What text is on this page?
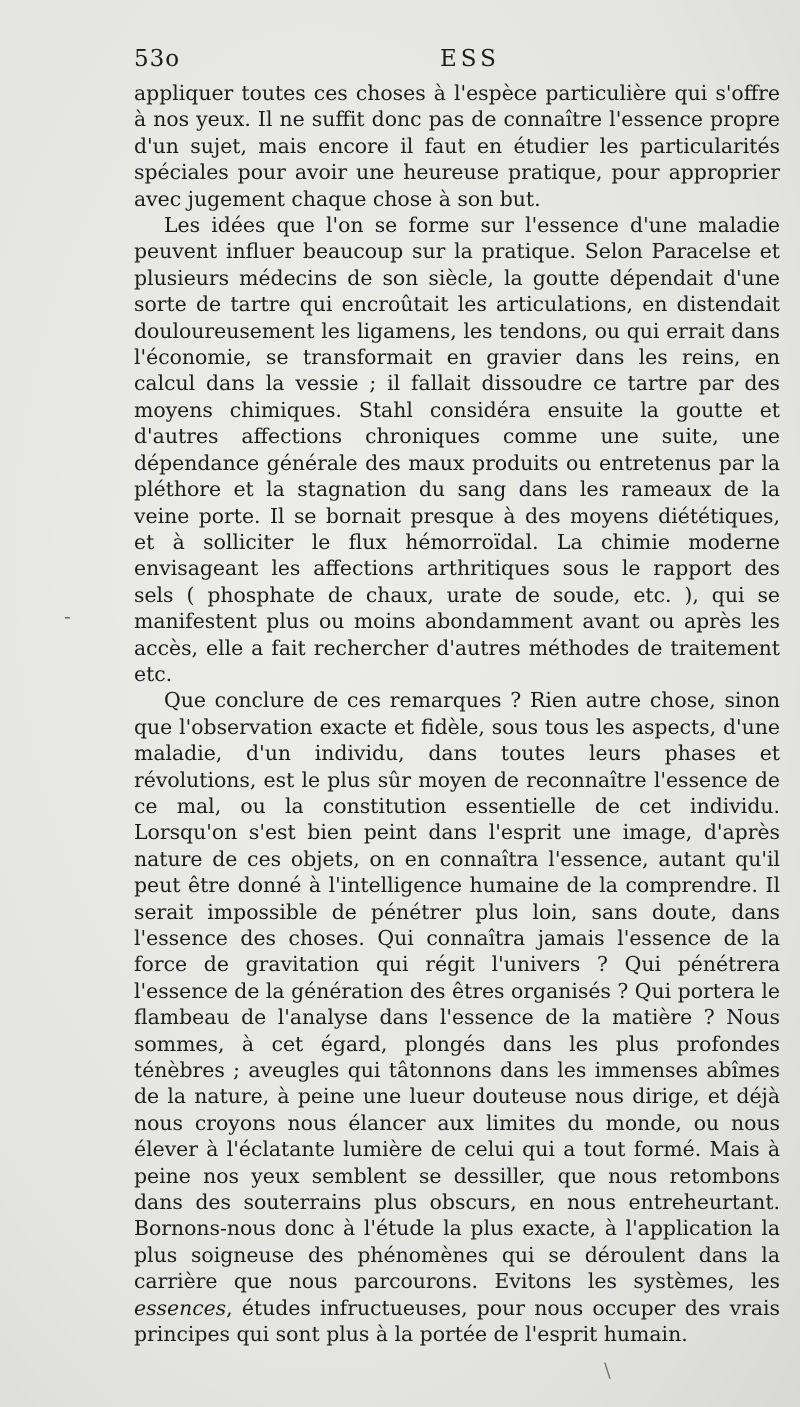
53o	ESS

appliquer toutes ces choses à l'espèce particulière qui s'offre à nos yeux. Il ne suffit donc pas de connaître l'essence propre d'un sujet, mais encore il faut en étudier les particularités spéciales pour avoir une heureuse pratique, pour approprier avec jugement chaque chose à son but.

Les idées que l'on se forme sur l'essence d'une maladie peuvent influer beaucoup sur la pratique. Selon Paracelse et plusieurs médecins de son siècle, la goutte dépendait d'une sorte de tartre qui encroûtait les articulations, en distendait douloureusement les ligamens, les tendons, ou qui errait dans l'économie, se transformait en gravier dans les reins, en calcul dans la vessie ; il fallait dissoudre ce tartre par des moyens chimiques. Stahl considéra ensuite la goutte et d'autres affections chroniques comme une suite, une dépendance générale des maux produits ou entretenus par la pléthore et la stagnation du sang dans les rameaux de la veine porte. Il se bornait presque à des moyens diététiques, et à solliciter le flux hémorroïdal. La chimie moderne envisageant les affections arthritiques sous le rapport des sels ( phosphate de chaux, urate de soude, etc. ), qui se manifestent plus ou moins abondamment avant ou après les accès, elle a fait rechercher d'autres méthodes de traitement etc.

Que conclure de ces remarques ? Rien autre chose, sinon que l'observation exacte et fidèle, sous tous les aspects, d'une maladie, d'un individu, dans toutes leurs phases et révolutions, est le plus sûr moyen de reconnaître l'essence de ce mal, ou la constitution essentielle de cet individu. Lorsqu'on s'est bien peint dans l'esprit une image, d'après nature de ces objets, on en connaîtra l'essence, autant qu'il peut être donné à l'intelligence humaine de la comprendre. Il serait impossible de pénétrer plus loin, sans doute, dans l'essence des choses. Qui connaîtra jamais l'essence de la force de gravitation qui régit l'univers ? Qui pénétrera l'essence de la génération des êtres organisés ? Qui portera le flambeau de l'analyse dans l'essence de la matière ? Nous sommes, à cet égard, plongés dans les plus profondes ténèbres ; aveugles qui tâtonnons dans les immenses abîmes de la nature, à peine une lueur douteuse nous dirige, et déjà nous croyons nous élancer aux limites du monde, ou nous élever à l'éclatante lumière de celui qui a tout formé. Mais à peine nos yeux semblent se dessiller, que nous retombons dans des souterrains plus obscurs, en nous entreheurtant. Bornons-nous donc à l'étude la plus exacte, à l'application la plus soigneuse des phénomènes qui se déroulent dans la carrière que nous parcourons. Evitons les systèmes, les essences, études infructueuses, pour nous occuper des vrais principes qui sont plus à la portée de l'esprit humain.

-
\
